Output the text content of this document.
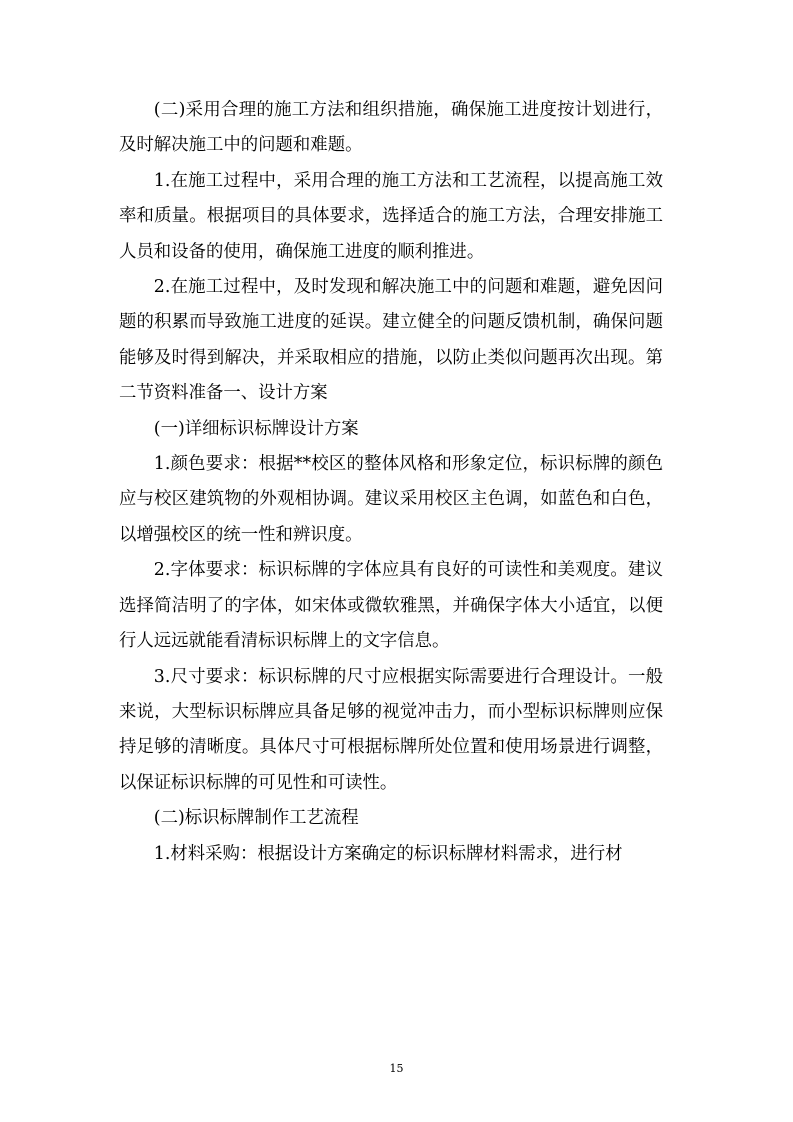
(二)采用合理的施工方法和组织措施，确保施工进度按计划进行，及时解决施工中的问题和难题。

1.在施工过程中，采用合理的施工方法和工艺流程，以提高施工效率和质量。根据项目的具体要求，选择适合的施工方法，合理安排施工人员和设备的使用，确保施工进度的顺利推进。

2.在施工过程中，及时发现和解决施工中的问题和难题，避免因问题的积累而导致施工进度的延误。建立健全的问题反馈机制，确保问题能够及时得到解决，并采取相应的措施，以防止类似问题再次出现。第二节资料准备一、设计方案

(一)详细标识标牌设计方案

1.颜色要求：根据**校区的整体风格和形象定位，标识标牌的颜色应与校区建筑物的外观相协调。建议采用校区主色调，如蓝色和白色，以增强校区的统一性和辨识度。

2.字体要求：标识标牌的字体应具有良好的可读性和美观度。建议选择简洁明了的字体，如宋体或微软雅黑，并确保字体大小适宜，以便行人远远就能看清标识标牌上的文字信息。

3.尺寸要求：标识标牌的尺寸应根据实际需要进行合理设计。一般来说，大型标识标牌应具备足够的视觉冲击力，而小型标识标牌则应保持足够的清晰度。具体尺寸可根据标牌所处位置和使用场景进行调整，以保证标识标牌的可见性和可读性。

(二)标识标牌制作工艺流程

1.材料采购：根据设计方案确定的标识标牌材料需求，进行材

15
